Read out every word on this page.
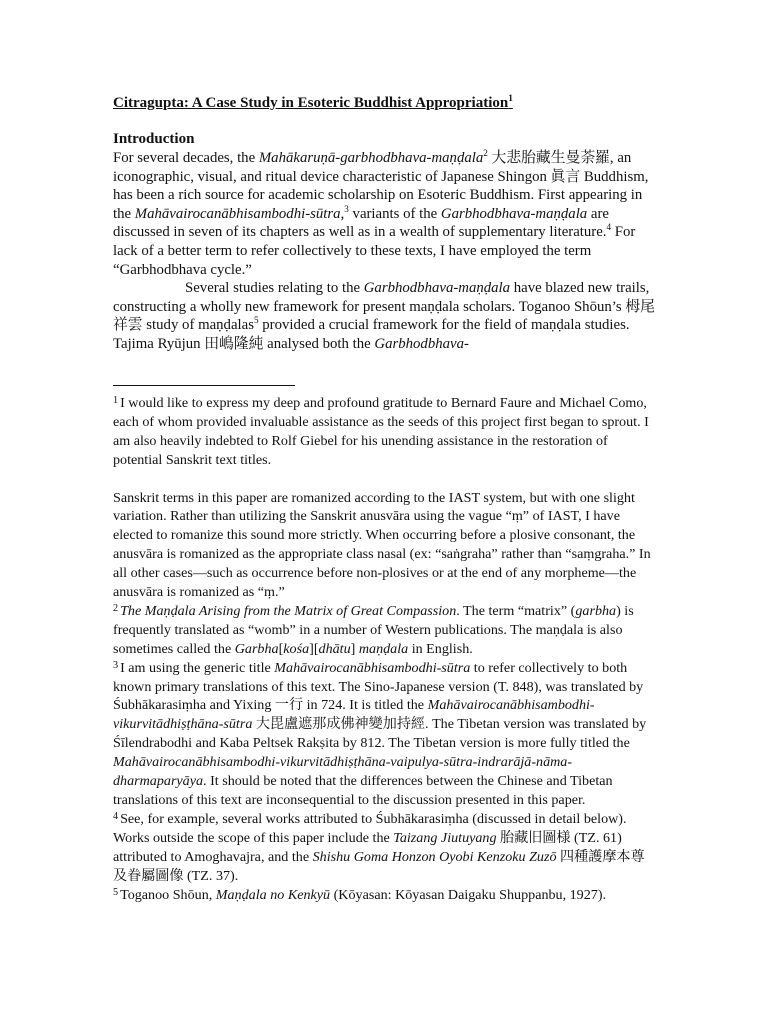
Citragupta: A Case Study in Esoteric Buddhist Appropriation$^1$
Introduction

For several decades, the Mahākaruṇā-garbhodbhava-maṇḍala$^2$ 大悲胎藏生曼荼羅, an iconographic, visual, and ritual device characteristic of Japanese Shingon 眞言 Buddhism, has been a rich source for academic scholarship on Esoteric Buddhism. First appearing in the Mahāvairocanābhisambodhi-sūtra,$^3$ variants of the Garbhodbhava-maṇḍala are discussed in seven of its chapters as well as in a wealth of supplementary literature.$^4$ For lack of a better term to refer collectively to these texts, I have employed the term “Garbhodbhava cycle.”

Several studies relating to the Garbhodbhava-maṇḍala have blazed new trails, constructing a wholly new framework for present maṇḍala scholars. Toganoo Shōun’s 栂尾祥雲 study of maṇḍalas$^5$ provided a crucial framework for the field of maṇḍala studies. Tajima Ryūjun 田嶋隆純 analysed both the Garbhodbhava-

$^1$ I would like to express my deep and profound gratitude to Bernard Faure and Michael Como, each of whom provided invaluable assistance as the seeds of this project first began to sprout. I am also heavily indebted to Rolf Giebel for his unending assistance in the restoration of potential Sanskrit text titles.

Sanskrit terms in this paper are romanized according to the IAST system, but with one slight variation. Rather than utilizing the Sanskrit anusvāra using the vague “ṃ” of IAST, I have elected to romanize this sound more strictly. When occurring before a plosive consonant, the anusvāra is romanized as the appropriate class nasal (ex: “saṅgraha” rather than “saṃgraha.” In all other cases—such as occurrence before non-plosives or at the end of any morpheme—the anusvāra is romanized as “ṃ.”

$^2$ The Maṇḍala Arising from the Matrix of Great Compassion. The term “matrix” (garbha) is frequently translated as “womb” in a number of Western publications. The maṇḍala is also sometimes called the Garbha[kośa][dhātu] maṇḍala in English.

$^3$ I am using the generic title Mahāvairocanābhisambodhi-sūtra to refer collectively to both known primary translations of this text. The Sino-Japanese version (T. 848), was translated by Śubhākarasiṃha and Yixing 一行 in 724. It is titled the Mahāvairocanābhisambodhi-vikurvitādhiṣṭhāna-sūtra 大毘盧遮那成佛神變加持經. The Tibetan version was translated by Śīlendrabodhi and Kaba Peltsek Rakṣita by 812. The Tibetan version is more fully titled the Mahāvairocanābhisambodhi-vikurvitādhiṣṭhāna-vaipulya-sūtra-indrarājā-nāma-dharmaparyāya. It should be noted that the differences between the Chinese and Tibetan translations of this text are inconsequential to the discussion presented in this paper.

$^4$ See, for example, several works attributed to Śubhākarasiṃha (discussed in detail below). Works outside the scope of this paper include the Taizang Jiutuyang 胎藏旧圖様 (TZ. 61) attributed to Amoghavajra, and the Shishu Goma Honzon Oyobi Kenzoku Zuzō 四種護摩本尊及眷屬圖像 (TZ. 37).

$^5$ Toganoo Shōun, Maṇḍala no Kenkyū (Kōyasan: Kōyasan Daigaku Shuppanbu, 1927).
